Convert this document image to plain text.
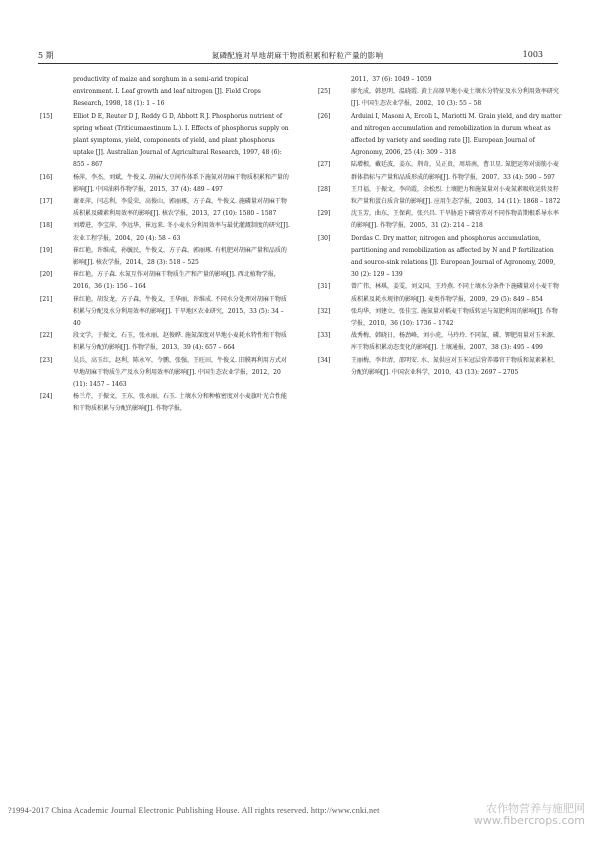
5 期	氮磷配施对旱地胡麻干物质积累和籽粒产量的影响	1003
productivity of maize and sorghum in a semi-arid tropical environment. I. Leaf growth and leaf nitrogen [J]. Field Crops Research, 1998, 18 (1): 1 – 16
[15]	Elliot D E, Reuter D J, Reddy G D, Abbott R J. Phosphorus nutrient of spring wheat (Triticumaestinum L.). I. Effects of phosphorus supply on plant symptoms, yield, components of yield, and plant phosphorus uptake [J]. Australian Journal of Agricultural Research, 1997, 48 (6): 855 – 867
[16]	杨萍，李杰，刘斌，牛俊义. 胡麻/大豆间作体系下施氮对胡麻干物质积累和产量的影响[J]. 中国油料作物学报，2015，37 (4): 489 – 497
[17]	谢亚萍，闫志利，李爱荣，高俊山，郭丽琢，方子森，牛俊义. 施磷量对胡麻干物质积累及磷素利用效率的影响[J]. 核农学报，2013，27 (10): 1580 – 1587
[18]	刘增进，李宝萍，李远华，崔远来. 冬小麦水分利用效率与最优灌溉制度的研究[J]. 农业工程学报，2004，20 (4): 58 – 63
[19]	崔红艳，许维成，孙毓民，牛俊义，方子森，郭丽琢. 有机肥对胡麻产量和品质的影响[J]. 核农学报，2014，28 (3): 518 – 525
[20]	崔红艳，方子森. 水氮互作对胡麻干物质生产和产量的影响[J]. 西北植物学报，2016，36 (1): 156 – 164
[21]	崔红艳，胡发龙，方子森，牛俊义，王华丽，许维成. 不同水分处理对胡麻干物质积累与分配及水分利用效率的影响[J]. 干旱地区农业研究，2015，33 (5): 34 – 40
[22]	段文学，于振文，石玉，张永丽，赵俊晔. 施氮深度对旱地小麦耗水特性和干物质积累与分配的影响[J]. 作物学报，2013，39 (4): 657 – 664
[23]	吴兵，高玉红，赵利，陈永军，令鹏，张强，王旺田，牛俊义. 旧膜再利用方式对旱地胡麻干物质生产及水分利用效率的影响[J]. 中国生态农业学报，2012，20 (11): 1457 – 1463
[24]	杨兰芹，于振文，王东，张永丽，石玉. 土壤水分和种植密度对小麦旗叶光合性能和干物质积累与分配的影响[J]. 作物学报，
2011，37 (6): 1049 – 1059
[25]	廖允成，韩思明，温晓霞. 黄土高原旱地小麦土壤水分特征及水分利用效率研究[J]. 中国生态农业学报，2002，10 (3): 55 – 58
[26]	Arduini I, Masoni A, Ercoli L, Mariotti M. Grain yield, and dry matter and nitrogen accumulation and remobilization in durum wheat as affected by variety and seeding rate [J]. European Journal of Agronomy, 2006, 25 (4): 309 – 318
[27]	陆增根，戴廷波，姜东，荆奇，吴正贵，周培南，曹卫星. 氮肥运筹对弱筋小麦群体指标与产量和品质形成的影响[J]. 作物学报，2007，33 (4): 590 – 597
[28]	王月福，于振文，李尚霞，余松烈. 土壤肥力和施氮量对小麦氮素吸收运转及籽粒产量和蛋白质含量的影响[J]. 应用生态学报，2003，14 (11): 1868 – 1872
[29]	沈玉芳，曲东，王保莉，张兴昌. 干旱胁迫下磷营养对不同作物苗期根系导水率的影响[J]. 作物学报，2005，31 (2): 214 – 218
[30]	Dordas C. Dry matter, nitrogen and phosphorus accumulation, partitioning and remobilization as affected by N and P fertilization and source-sink relations [J]. European Journal of Agronomy, 2009, 30 (2): 129 – 139
[31]	曾广伟，林琪，姜雯，刘义国，王玲燕. 不同土壤水分条件下施磷量对小麦干物质积累及耗水规律的影响[J]. 麦类作物学报，2009，29 (5): 849 – 854
[32]	张均华，刘建立，张佳宝. 施氮量对稻麦干物质转运与氮肥利用的影响[J]. 作物学报，2010，36 (10): 1736 – 1742
[33]	战秀梅，韩晓日，杨劲峰，刘小虎，马玲玲. 不同氮、磷、钾肥用量对玉米源、库干物质积累动态变化的影响[J]. 土壤通报，2007，38 (3): 495 – 499
[34]	王丽梅，李世清，邵明安. 水、氮供应对玉米冠层营养器官干物质和氮素累积、分配的影响[J]. 中国农业科学，2010，43 (13): 2697 – 2705
?1994-2017 China Academic Journal Electronic Publishing House. All rights reserved. http://www.cnki.net	农作物营养与施肥网
www.fibercrops.com
